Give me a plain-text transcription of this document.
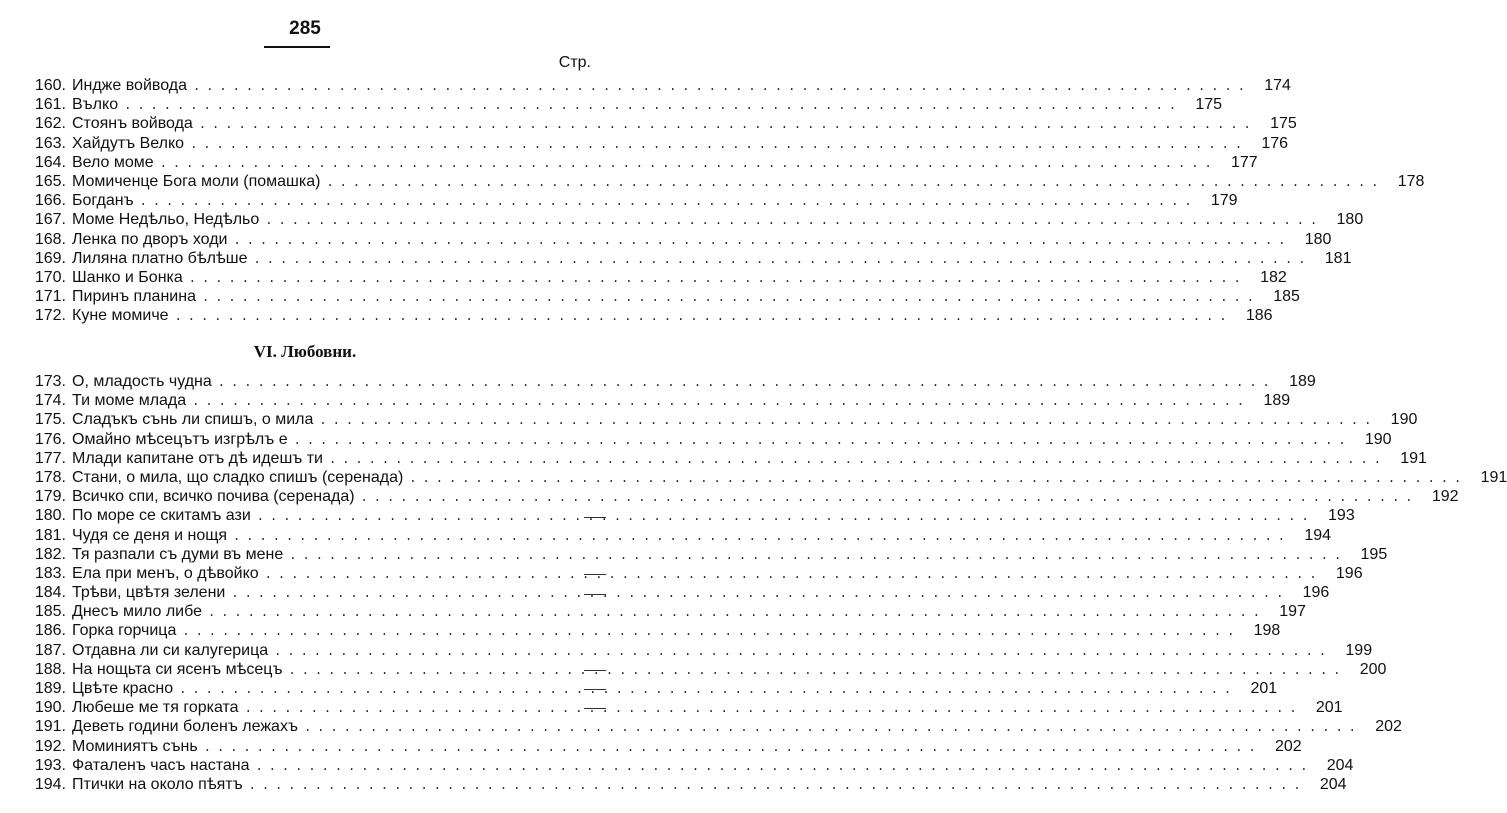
285
Стр.
160. Индже войвода ................................................................................ 174
161. Вълко ................................................................................ 175
162. Стоянъ войвода ................................................................................ 175
163. Хайдутъ Велко ................................................................................ 176
164. Вело моме ................................................................................ 177
165. Момиченце Бога моли (помашка) ................................................................................ 178
166. Богданъ ................................................................................ 179
167. Моме Недѣльо, Недѣльо ................................................................................ 180
168. Ленка по дворъ ходи ................................................................................ 180
169. Лиляна платно бѣлѣше ................................................................................ 181
170. Шанко и Бонка ................................................................................ 182
171. Пиринъ планина ................................................................................ 185
172. Куне момиче ................................................................................ 186
VI. Любовни.
173. О, младость чудна ................................................................................ 189
174. Ти моме млада ................................................................................ 189
175. Сладъкъ сънь ли спишъ, о мила ................................................................................ 190
176. Омайно мѣсецътъ изгрѣлъ е ................................................................................ 190
177. Млади капитане отъ дѣ идешъ ти ................................................................................ 191
178. Стани, о мила, що сладко спишъ (серенада) ................................................................................ 191
179. Всичко спи, всичко почива (серенада) ................................................................................ 192
180. По море се скитамъ ази ................................................................................ 193
181. Чудя се деня и нощя ................................................................................ 194
182. Тя разпали съ думи въ мене ................................................................................ 195
183. Ела при менъ, о дѣвойко ................................................................................ 196
184. Трѣви, цвѣтя зелени ................................................................................ 196
185. Днесъ мило либе ................................................................................ 197
186. Горка горчица ................................................................................ 198
187. Отдавна ли си калугерица ................................................................................ 199
188. На нощьта си ясенъ мѣсецъ ................................................................................ 200
189. Цвѣте красно ................................................................................ 201
190. Любеше ме тя горката ................................................................................ 201
191. Деветь години боленъ лежахъ ................................................................................ 202
192. Моминиятъ сънь ................................................................................ 202
193. Фаталенъ часъ настана ................................................................................ 204
194. Птички на около пѣятъ ................................................................................ 204
